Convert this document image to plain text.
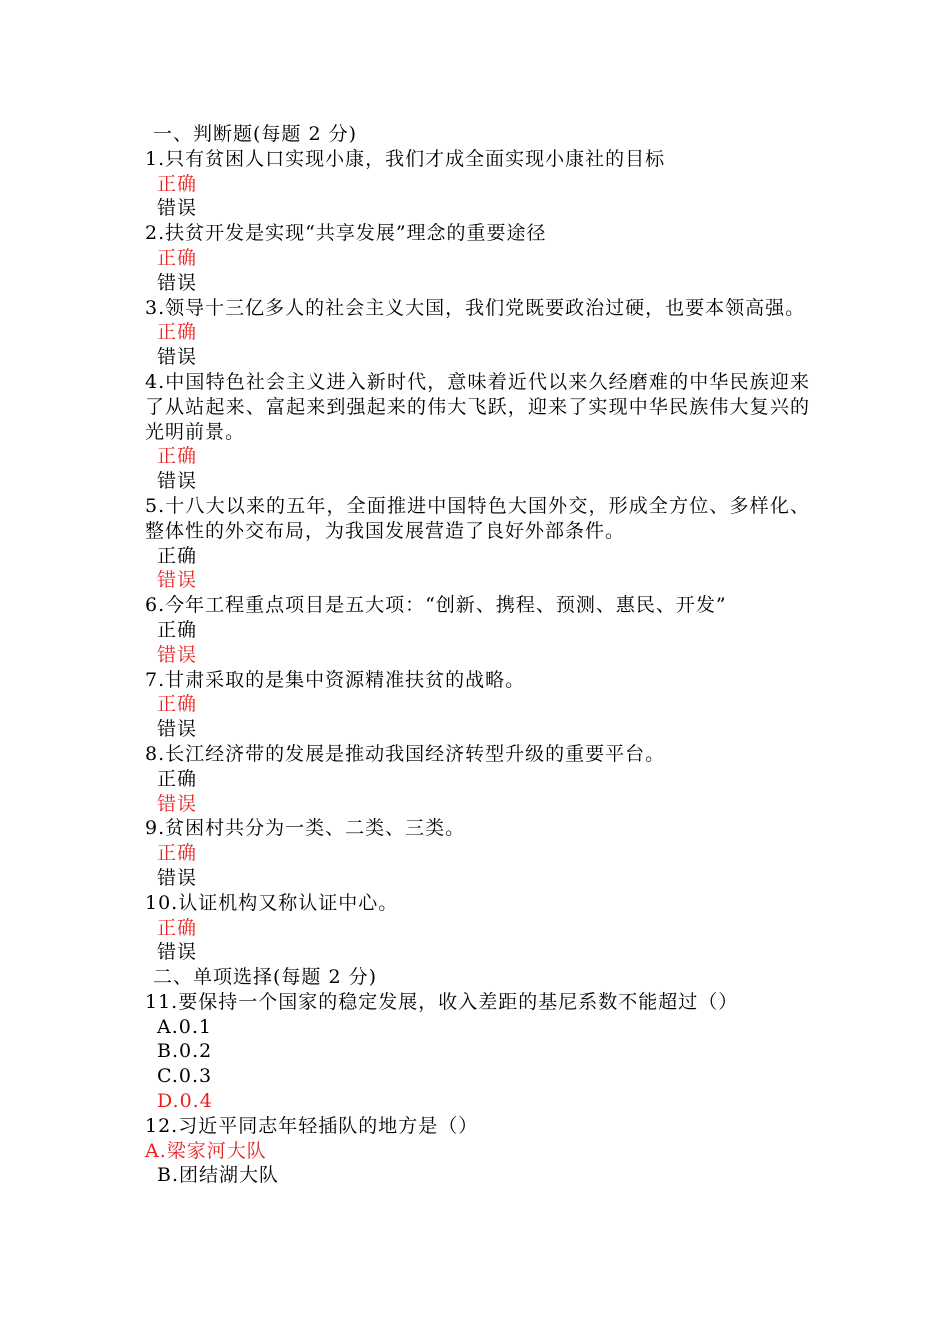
一、判断题(每题 2 分)
1.只有贫困人口实现小康，我们才成全面实现小康社的目标
正确
错误
2.扶贫开发是实现“共享发展”理念的重要途径
正确
错误
3.领导十三亿多人的社会主义大国，我们党既要政治过硬，也要本领高强。
正确
错误
4.中国特色社会主义进入新时代，意味着近代以来久经磨难的中华民族迎来了从站起来、富起来到强起来的伟大飞跃，迎来了实现中华民族伟大复兴的光明前景。
正确
错误
5.十八大以来的五年，全面推进中国特色大国外交，形成全方位、多样化、整体性的外交布局，为我国发展营造了良好外部条件。
正确
错误
6.今年工程重点项目是五大项：“创新、携程、预测、惠民、开发”
正确
错误
7.甘肃采取的是集中资源精准扶贫的战略。
正确
错误
8.长江经济带的发展是推动我国经济转型升级的重要平台。
正确
错误
9.贫困村共分为一类、二类、三类。
正确
错误
10.认证机构又称认证中心。
正确
错误
二、单项选择(每题 2 分)
11.要保持一个国家的稳定发展，收入差距的基尼系数不能超过（）
A.0.1
B.0.2
C.0.3
D.0.4
12.习近平同志年轻插队的地方是（）
A.梁家河大队
B.团结湖大队
